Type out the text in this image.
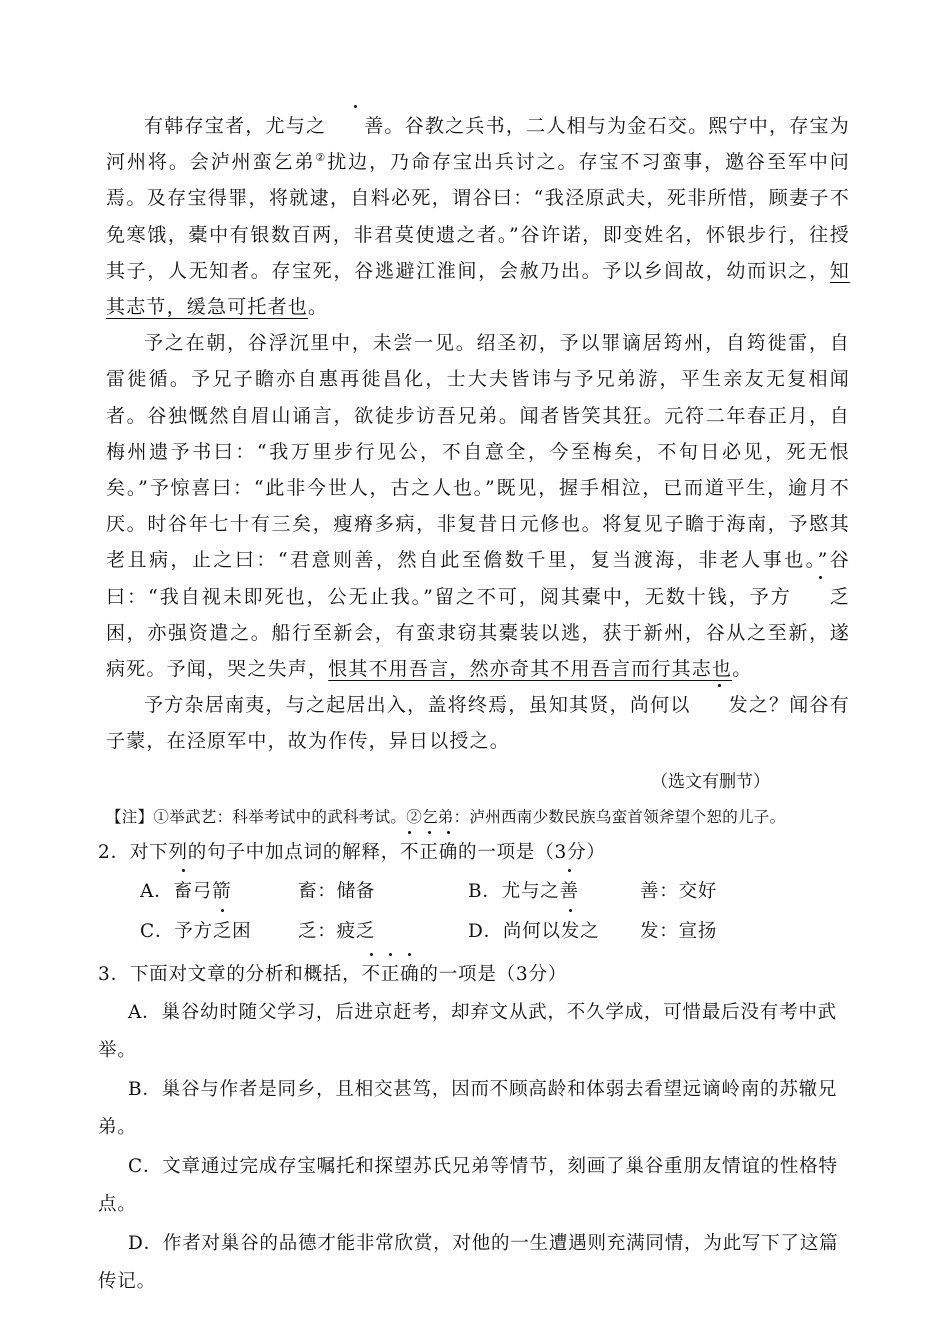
有韩存宝者，尤与之 善。谷教之兵书，二人相与为金石交。熙宁中，存宝为河州将。会泸州蛮乞弟②扰边，乃命存宝出兵讨之。存宝不习蛮事，邀谷至军中问焉。及存宝得罪，将就逮，自料必死，谓谷曰：“我泾原武夫，死非所惜，顾妻子不免寒饿，橐中有银数百两，非君莫使遗之者。”谷许诺，即变姓名，怀银步行，往授其子，人无知者。存宝死，谷逃避江淮间，会赦乃出。予以乡闾故，幼而识之，知其志节，缓急可托者也。

予之在朝，谷浮沉里中，未尝一见。绍圣初，予以罪谪居筠州，自筠徙雷，自雷徙循。予兄子瞻亦自惠再徙昌化，士大夫皆讳与予兄弟游，平生亲友无复相闻者。谷独慨然自眉山诵言，欲徒步访吾兄弟。闻者皆笑其狂。元符二年春正月，自梅州遗予书曰：“我万里步行见公，不自意全，今至梅矣，不旬日必见，死无恨矣。”予惊喜曰：“此非今世人，古之人也。”既见，握手相泣，已而道平生，逾月不厌。时谷年七十有三矣，瘦瘠多病，非复昔日元修也。将复见子瞻于海南，予愍其老且病，止之曰：“君意则善，然自此至儋数千里，复当渡海，非老人事也。”谷曰：“我自视未即死也，公无止我。”留之不可，阅其橐中，无数十钱，予方 乏困，亦强资遣之。船行至新会，有蛮隶窃其橐装以逃，获于新州，谷从之至新，遂病死。予闻，哭之失声，恨其不用吾言，然亦奇其不用吾言而行其志也。

予方杂居南夷，与之起居出入，盖将终焉，虽知其贤，尚何以 发之？闻谷有子蒙，在泾原军中，故为作传，异日以授之。

（选文有删节）
【注】①举武艺：科举考试中的武科考试。②乞弟：泸州西南少数民族乌蛮首领斧望个恕的儿子。
2．对下列的句子中加点词的解释，不正确的一项是（3分）
A．畜弓箭	畜：储备	B．尤与之善	善：交好
C．予方乏困	乏：疲乏	D．尚何以发之	发：宣扬
3．下面对文章的分析和概括，不正确的一项是（3分）
A．巢谷幼时随父学习，后进京赶考，却弃文从武，不久学成，可惜最后没有考中武举。
B．巢谷与作者是同乡，且相交甚笃，因而不顾高龄和体弱去看望远谪岭南的苏辙兄弟。
C．文章通过完成存宝嘱托和探望苏氏兄弟等情节，刻画了巢谷重朋友情谊的性格特点。
D．作者对巢谷的品德才能非常欣赏，对他的一生遭遇则充满同情，为此写下了这篇传记。
